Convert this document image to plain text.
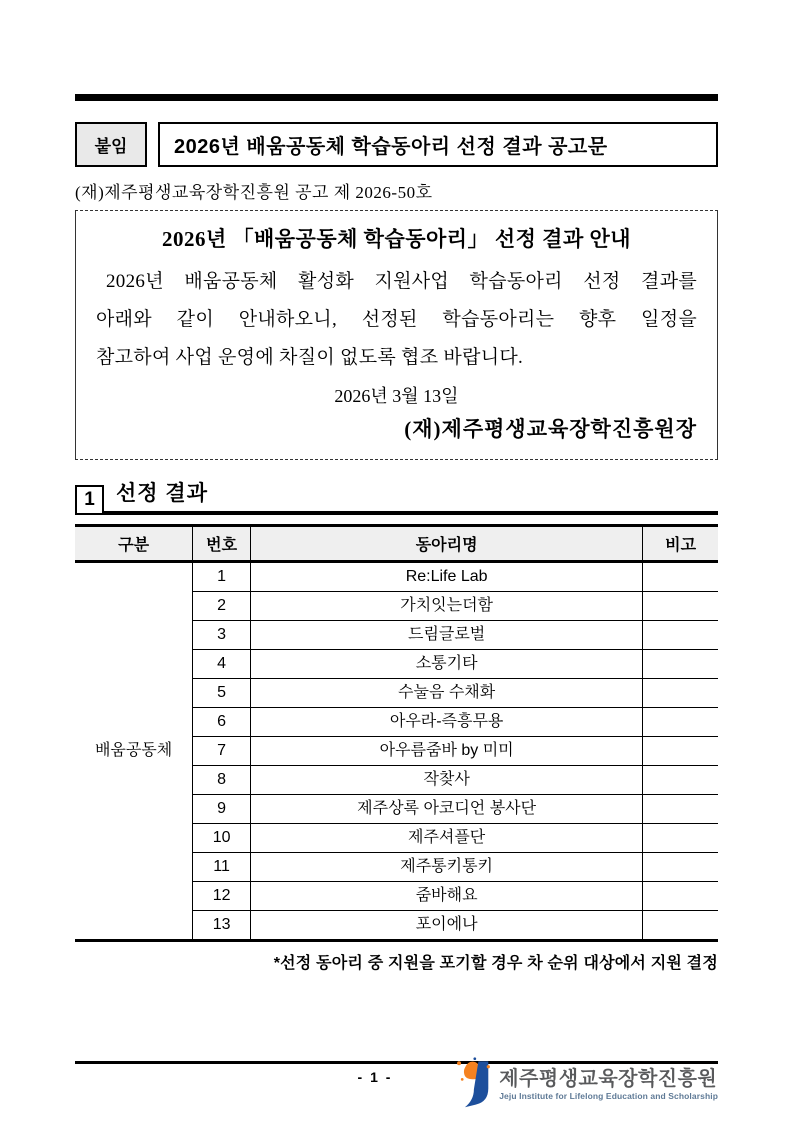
붙임 2026년 배움공동체 학습동아리 선정 결과 공고문
(재)제주평생교육장학진흥원 공고 제 2026-50호
2026년 「배움공동체 학습동아리」 선정 결과 안내
2026년 배움공동체 활성화 지원사업 학습동아리 선정 결과를
아래와 같이 안내하오니, 선정된 학습동아리는 향후 일정을
참고하여 사업 운영에 차질이 없도록 협조 바랍니다.
2026년 3월 13일
(재)제주평생교육장학진흥원장
1	선정 결과
구분	번호	동아리명	비고
배움공동체	1	Re:Life Lab	
	2	가치잇는더함	
	3	드림글로벌	
	4	소통기타	
	5	수눌음 수채화	
	6	아우라-즉흥무용	
	7	아우름줌바 by 미미	
	8	작찾사	
	9	제주상록 아코디언 봉사단	
	10	제주셔플단	
	11	제주통키통키	
	12	줌바해요	
	13	포이에나	
*선정 동아리 중 지원을 포기할 경우 차 순위 대상에서 지원 결정
- 1 -	제주평생교육장학진흥원
Jeju Institute for Lifelong Education and Scholarship
